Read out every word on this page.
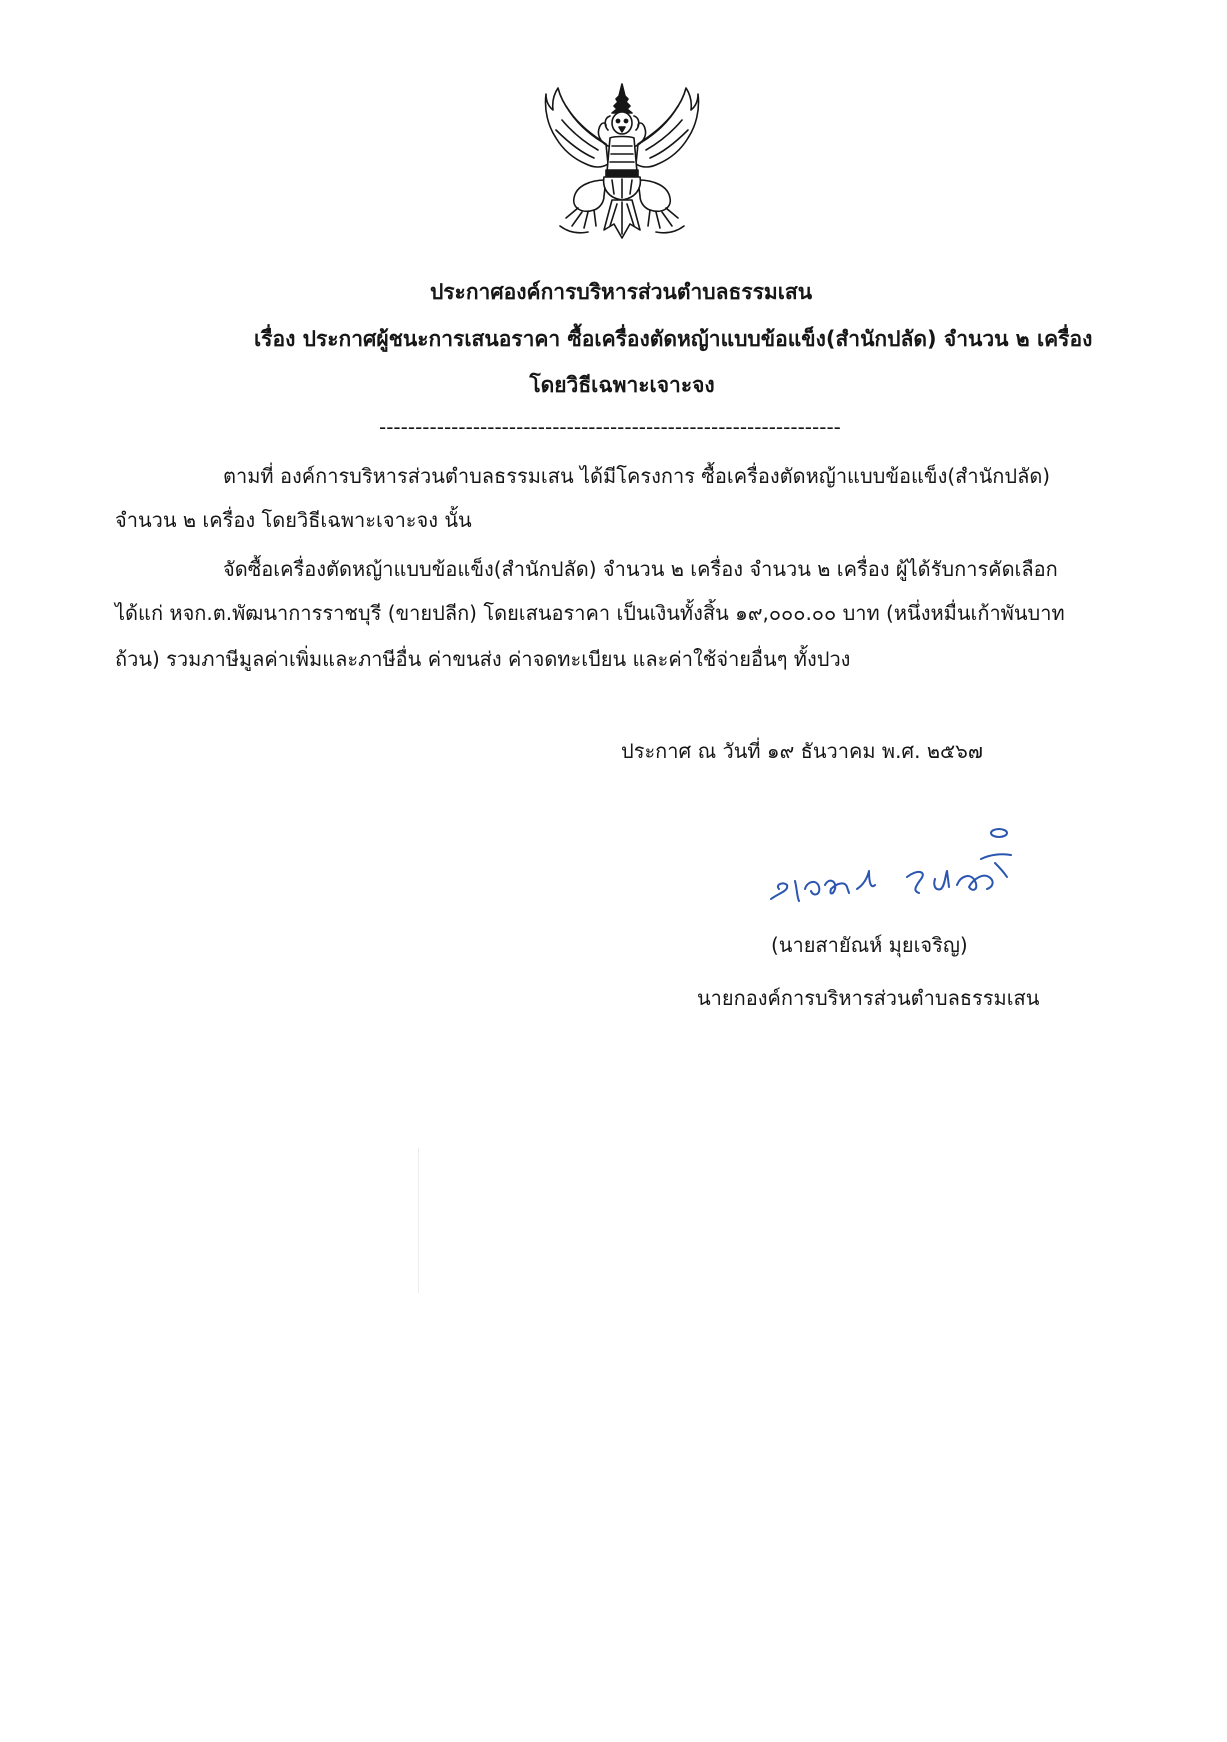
ประกาศองค์การบริหารส่วนตำบลธรรมเสน
เรื่อง ประกาศผู้ชนะการเสนอราคา ซื้อเครื่องตัดหญ้าแบบข้อแข็ง(สำนักปลัด) จำนวน ๒ เครื่อง
โดยวิธีเฉพาะเจาะจง
----------------------------------------------------------------
ตามที่ องค์การบริหารส่วนตำบลธรรมเสน ได้มีโครงการ ซื้อเครื่องตัดหญ้าแบบข้อแข็ง(สำนักปลัด)
จำนวน ๒ เครื่อง โดยวิธีเฉพาะเจาะจง นั้น
จัดซื้อเครื่องตัดหญ้าแบบข้อแข็ง(สำนักปลัด) จำนวน ๒ เครื่อง จำนวน ๒ เครื่อง ผู้ได้รับการคัดเลือก
ได้แก่ หจก.ต.พัฒนาการราชบุรี (ขายปลีก) โดยเสนอราคา เป็นเงินทั้งสิ้น ๑๙,๐๐๐.๐๐ บาท (หนึ่งหมื่นเก้าพันบาท
ถ้วน) รวมภาษีมูลค่าเพิ่มและภาษีอื่น ค่าขนส่ง ค่าจดทะเบียน และค่าใช้จ่ายอื่นๆ ทั้งปวง
ประกาศ ณ วันที่ ๑๙ ธันวาคม พ.ศ. ๒๕๖๗
(นายสายัณห์ มุยเจริญ)
นายกองค์การบริหารส่วนตำบลธรรมเสน
